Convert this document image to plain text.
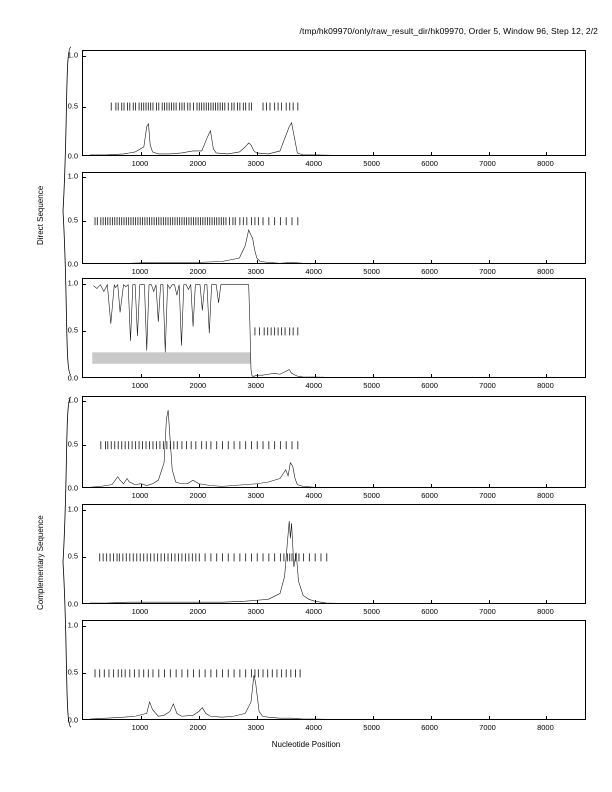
/tmp/hk09970/only/raw_result_dir/hk09970, Order 5, Window 96, Step 12, 2/2
Direct Sequence
Complementary Sequence
Nucleotide Position
0.0
0.5
1.0
1000	2000	3000	4000	5000	6000	7000	8000
0.0
0.5
1.0
1000	2000	3000	4000	5000	6000	7000	8000
0.0
0.5
1.0
1000	2000	3000	4000	5000	6000	7000	8000
0.0
0.5
1.0
1000	2000	3000	4000	5000	6000	7000	8000
0.0
0.5
1.0
1000	2000	3000	4000	5000	6000	7000	8000
0.0
0.5
1.0
1000	2000	3000	4000	5000	6000	7000	8000
